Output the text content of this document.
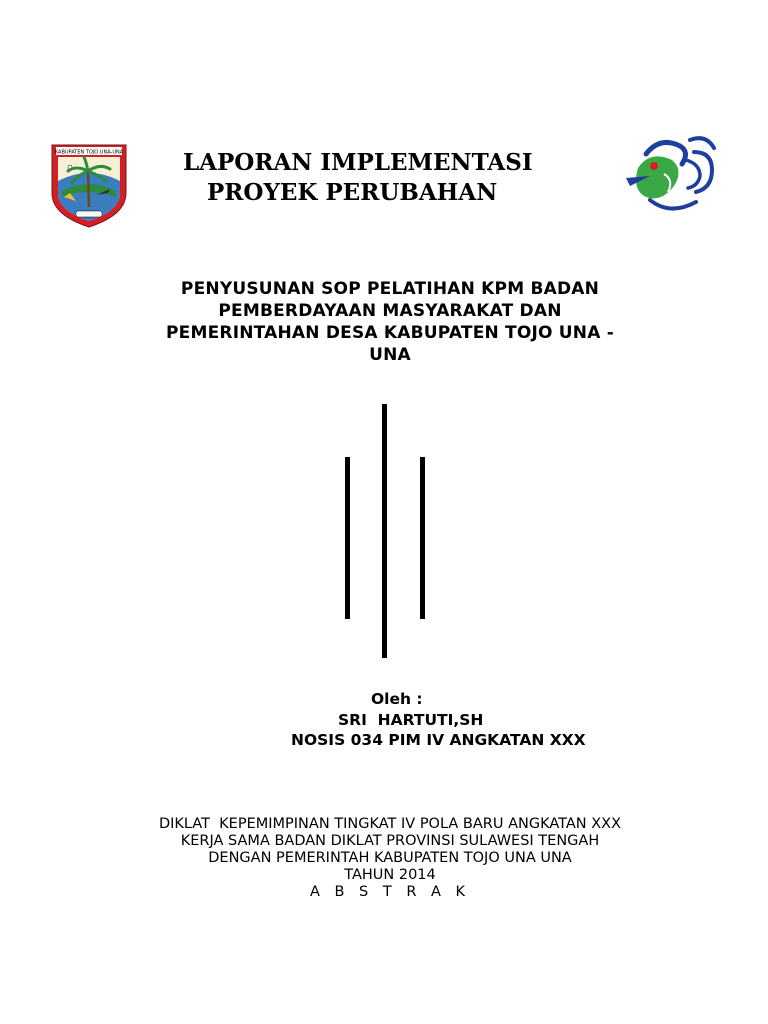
KABUPATEN TOJO UNA-UNA	LAPORAN IMPLEMENTASI
PROYEK PERUBAHAN
PENYUSUNAN SOP PELATIHAN KPM BADAN
PEMBERDAYAAN MASYARAKAT DAN
PEMERINTAHAN DESA KABUPATEN TOJO UNA -
UNA
Oleh :
SRI  HARTUTI,SH
NOSIS 034 PIM IV ANGKATAN XXX
DIKLAT  KEPEMIMPINAN TINGKAT IV POLA BARU ANGKATAN XXX
KERJA SAMA BADAN DIKLAT PROVINSI SULAWESI TENGAH
DENGAN PEMERINTAH KABUPATEN TOJO UNA UNA
TAHUN 2014
A B S T R A K
